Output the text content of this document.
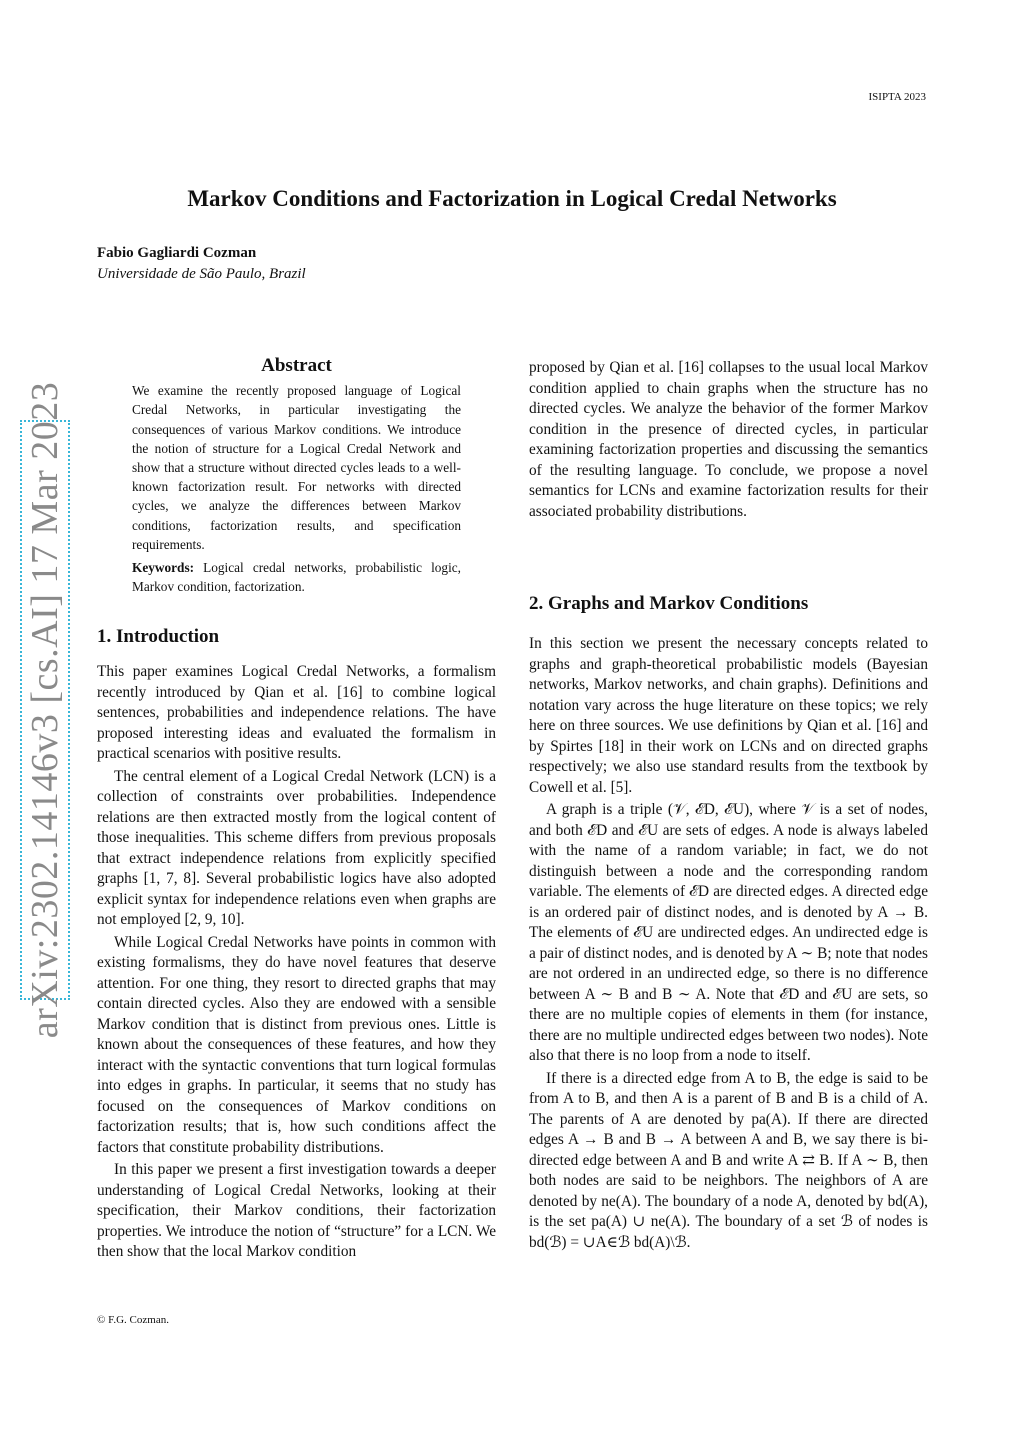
ISIPTA 2023
Markov Conditions and Factorization in Logical Credal Networks
Fabio Gagliardi Cozman
Universidade de São Paulo, Brazil
arXiv:2302.14146v3 [cs.AI] 17 Mar 2023
Abstract

We examine the recently proposed language of Logical Credal Networks, in particular investigating the consequences of various Markov conditions. We introduce the notion of structure for a Logical Credal Network and show that a structure without directed cycles leads to a well-known factorization result. For networks with directed cycles, we analyze the differences between Markov conditions, factorization results, and specification requirements.

Keywords: Logical credal networks, probabilistic logic, Markov condition, factorization.

1. Introduction

This paper examines Logical Credal Networks, a formalism recently introduced by Qian et al. [16] to combine logical sentences, probabilities and independence relations. The have proposed interesting ideas and evaluated the formalism in practical scenarios with positive results.

The central element of a Logical Credal Network (LCN) is a collection of constraints over probabilities. Independence relations are then extracted mostly from the logical content of those inequalities. This scheme differs from previous proposals that extract independence relations from explicitly specified graphs [1, 7, 8]. Several probabilistic logics have also adopted explicit syntax for independence relations even when graphs are not employed [2, 9, 10].

While Logical Credal Networks have points in common with existing formalisms, they do have novel features that deserve attention. For one thing, they resort to directed graphs that may contain directed cycles. Also they are endowed with a sensible Markov condition that is distinct from previous ones. Little is known about the consequences of these features, and how they interact with the syntactic conventions that turn logical formulas into edges in graphs. In particular, it seems that no study has focused on the consequences of Markov conditions on factorization results; that is, how such conditions affect the factors that constitute probability distributions.

In this paper we present a first investigation towards a deeper understanding of Logical Credal Networks, looking at their specification, their Markov conditions, their factorization properties. We introduce the notion of “structure” for a LCN. We then show that the local Markov condition

proposed by Qian et al. [16] collapses to the usual local Markov condition applied to chain graphs when the structure has no directed cycles. We analyze the behavior of the former Markov condition in the presence of directed cycles, in particular examining factorization properties and discussing the semantics of the resulting language. To conclude, we propose a novel semantics for LCNs and examine factorization results for their associated probability distributions.

2. Graphs and Markov Conditions

In this section we present the necessary concepts related to graphs and graph-theoretical probabilistic models (Bayesian networks, Markov networks, and chain graphs). Definitions and notation vary across the huge literature on these topics; we rely here on three sources. We use definitions by Qian et al. [16] and by Spirtes [18] in their work on LCNs and on directed graphs respectively; we also use standard results from the textbook by Cowell et al. [5].

A graph is a triple (𝒱, ℰD, ℰU), where 𝒱 is a set of nodes, and both ℰD and ℰU are sets of edges. A node is always labeled with the name of a random variable; in fact, we do not distinguish between a node and the corresponding random variable. The elements of ℰD are directed edges. A directed edge is an ordered pair of distinct nodes, and is denoted by A → B. The elements of ℰU are undirected edges. An undirected edge is a pair of distinct nodes, and is denoted by A ∼ B; note that nodes are not ordered in an undirected edge, so there is no difference between A ∼ B and B ∼ A. Note that ℰD and ℰU are sets, so there are no multiple copies of elements in them (for instance, there are no multiple undirected edges between two nodes). Note also that there is no loop from a node to itself.

If there is a directed edge from A to B, the edge is said to be from A to B, and then A is a parent of B and B is a child of A. The parents of A are denoted by pa(A). If there are directed edges A → B and B → A between A and B, we say there is bi-directed edge between A and B and write A ⇄ B. If A ∼ B, then both nodes are said to be neighbors. The neighbors of A are denoted by ne(A). The boundary of a node A, denoted by bd(A), is the set pa(A) ∪ ne(A). The boundary of a set ℬ of nodes is bd(ℬ) = ∪A∈ℬ bd(A)\ℬ.

© F.G. Cozman.
